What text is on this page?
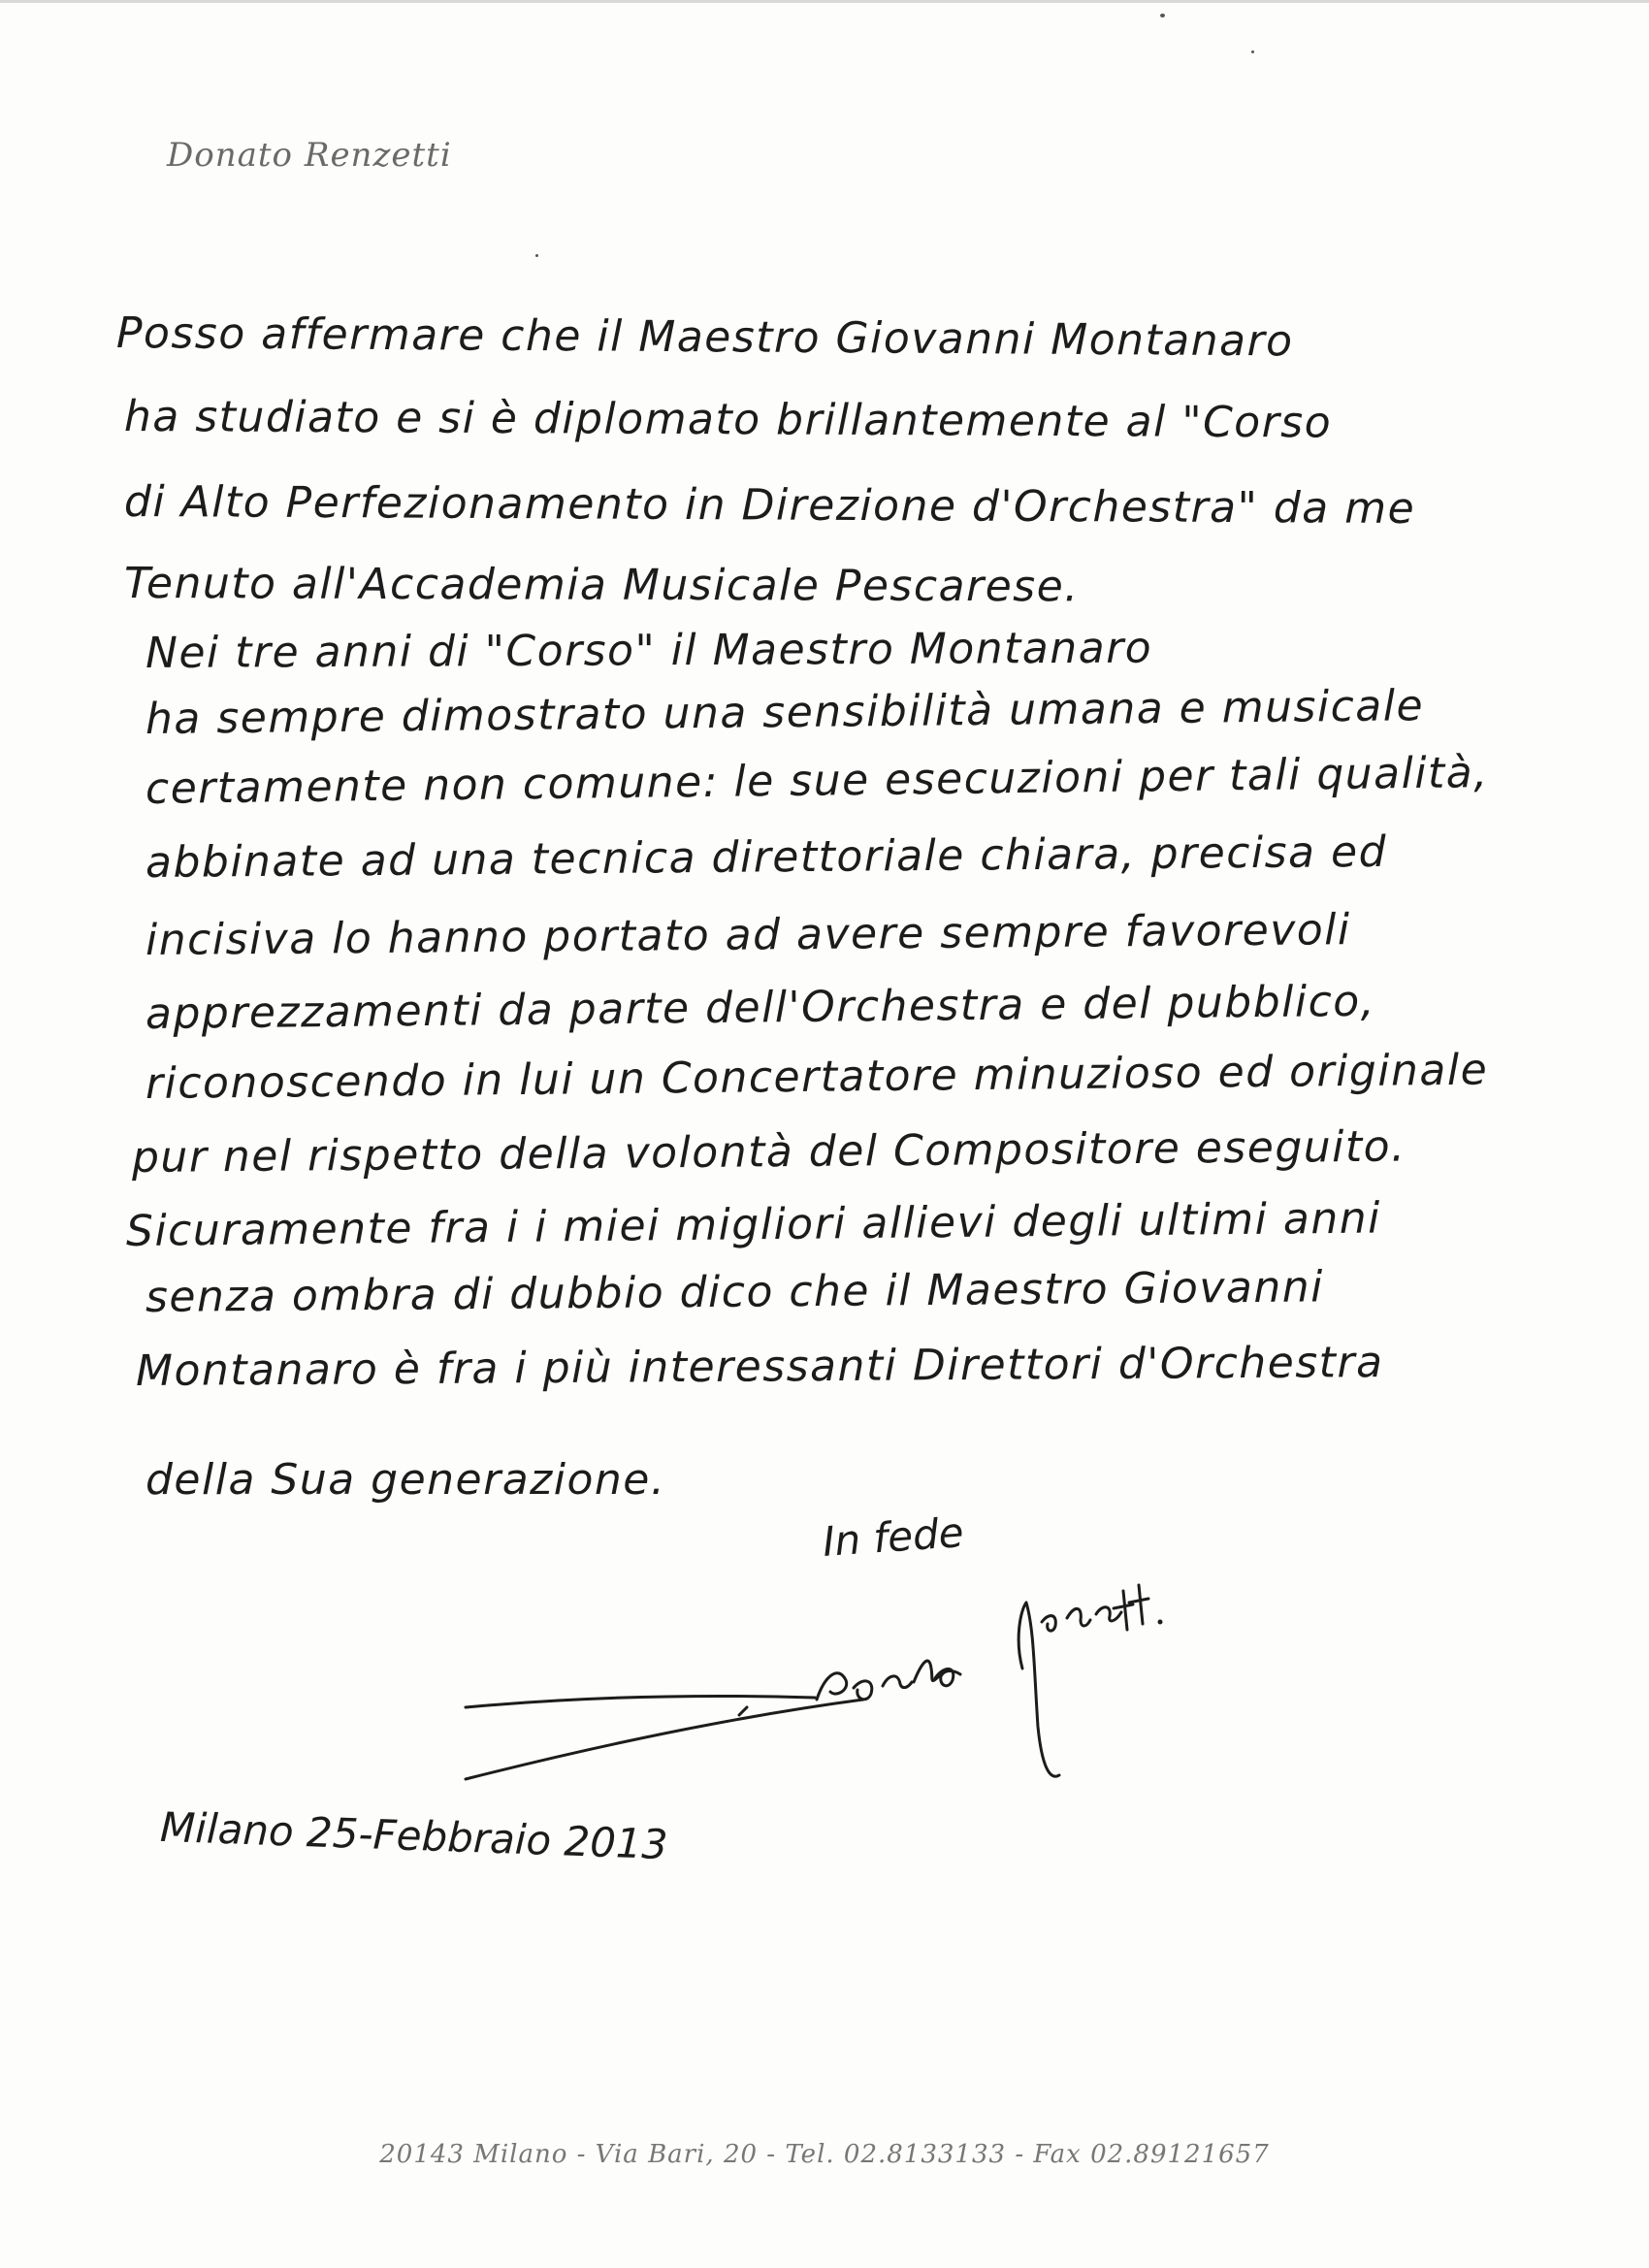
Donato Renzetti
Posso affermare che il Maestro Giovanni Montanaro
ha studiato e si è diplomato brillantemente al "Corso
di Alto Perfezionamento in Direzione d'Orchestra" da me
Tenuto all'Accademia Musicale Pescarese.
Nei tre anni di "Corso" il Maestro Montanaro
ha sempre dimostrato una sensibilità umana e musicale
certamente non comune: le sue esecuzioni per tali qualità,
abbinate ad una tecnica direttoriale chiara, precisa ed
incisiva lo hanno portato ad avere sempre favorevoli
apprezzamenti da parte dell'Orchestra e del pubblico,
riconoscendo in lui un Concertatore minuzioso ed originale
pur nel rispetto della volontà del Compositore eseguito.
Sicuramente fra i i miei migliori allievi degli ultimi anni
senza ombra di dubbio dico che il Maestro Giovanni
Montanaro è fra i più interessanti Direttori d'Orchestra
della Sua generazione.
In fede
Milano 25-Febbraio 2013
20143 Milano - Via Bari, 20 - Tel. 02.8133133 - Fax 02.89121657
